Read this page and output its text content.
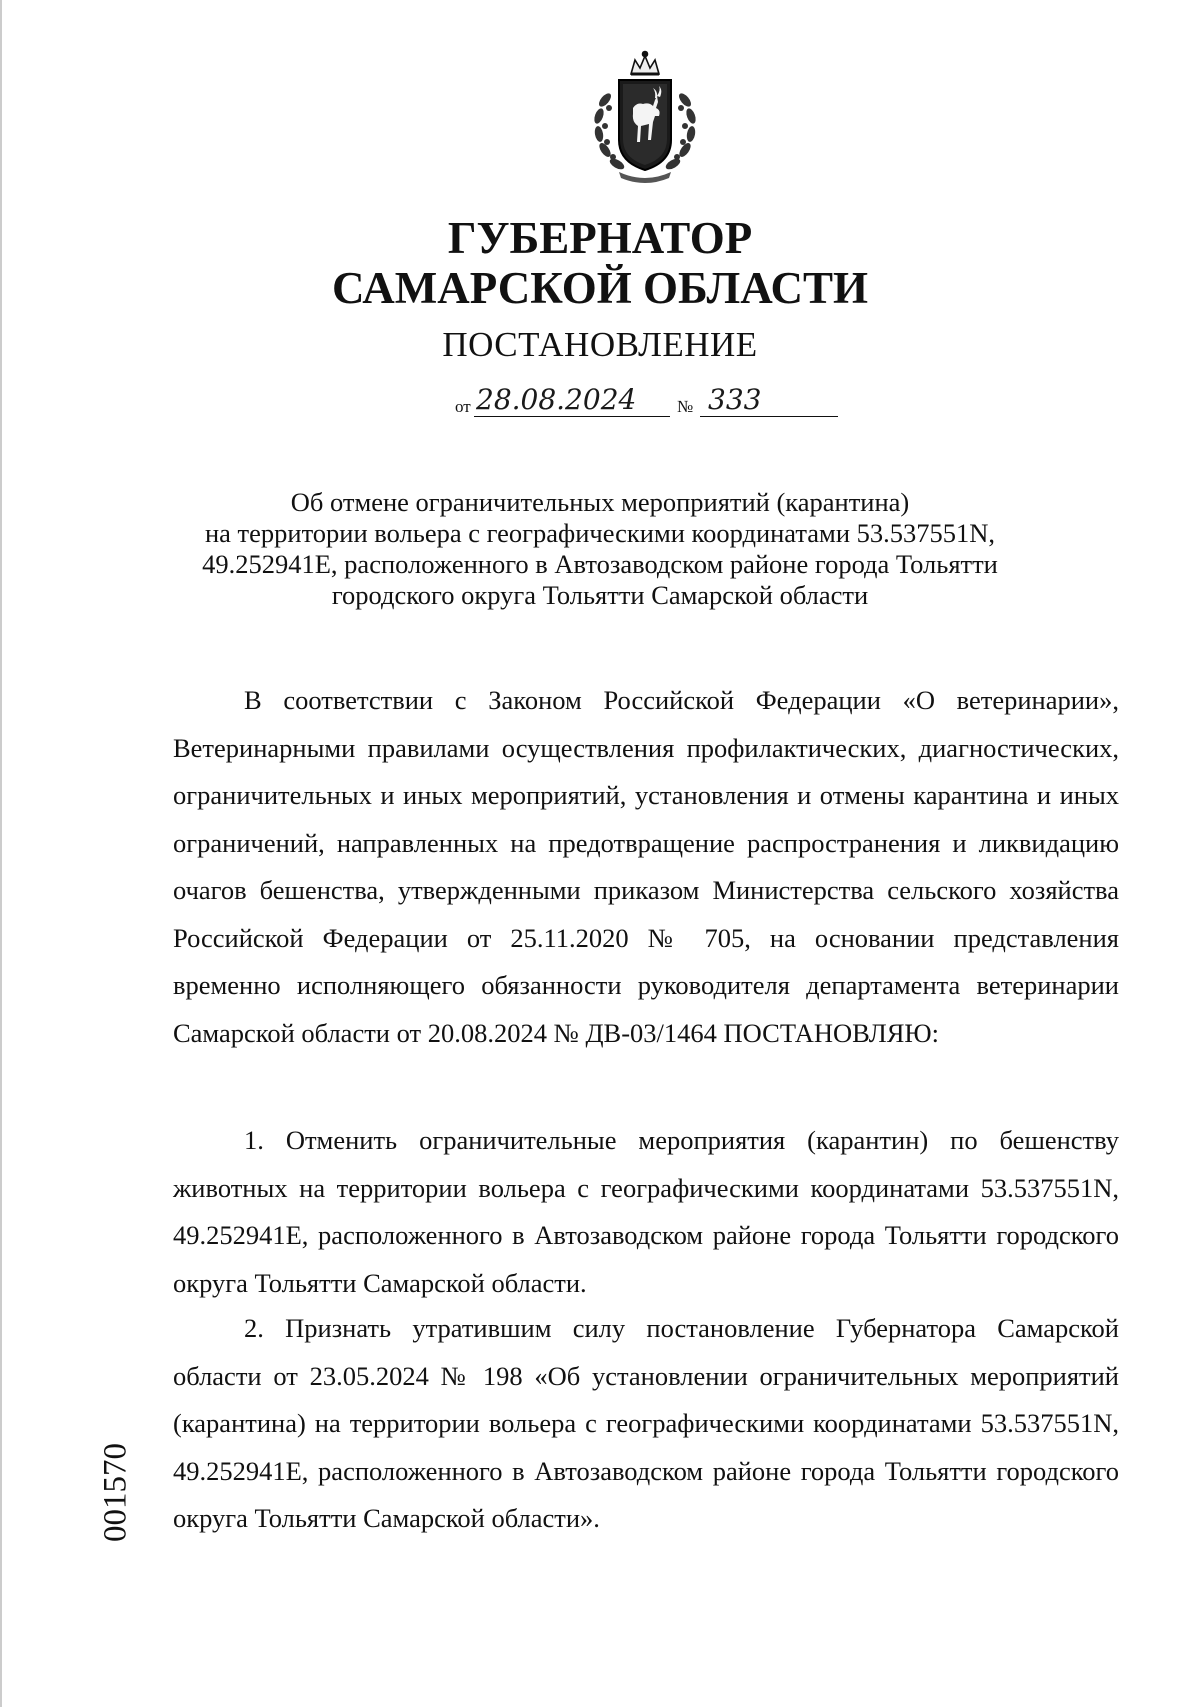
ГУБЕРНАТОР
САМАРСКОЙ ОБЛАСТИ
ПОСТАНОВЛЕНИЕ
от 28.08.2024 № 333
Об отмене ограничительных мероприятий (карантина)
на территории вольера с географическими координатами 53.537551N,
49.252941E, расположенного в Автозаводском районе города Тольятти
городского округа Тольятти Самарской области
В соответствии с Законом Российской Федерации «О ветеринарии», Ветеринарными правилами осуществления профилактических, диагностических, ограничительных и иных мероприятий, установления и отмены карантина и иных ограничений, направленных на предотвращение распространения и ликвидацию очагов бешенства, утвержденными приказом Министерства сельского хозяйства Российской Федерации от 25.11.2020 № 705, на основании представления временно исполняющего обязанности руководителя департамента ветеринарии Самарской области от 20.08.2024 № ДВ-03/1464 ПОСТАНОВЛЯЮ:
1. Отменить ограничительные мероприятия (карантин) по бешенству животных на территории вольера с географическими координатами 53.537551N, 49.252941E, расположенного в Автозаводском районе города Тольятти городского округа Тольятти Самарской области.
2. Признать утратившим силу постановление Губернатора Самарской области от 23.05.2024 № 198 «Об установлении ограничительных мероприятий (карантина) на территории вольера с географическими координатами 53.537551N, 49.252941E, расположенного в Автозаводском районе города Тольятти городского округа Тольятти Самарской области».
001570
